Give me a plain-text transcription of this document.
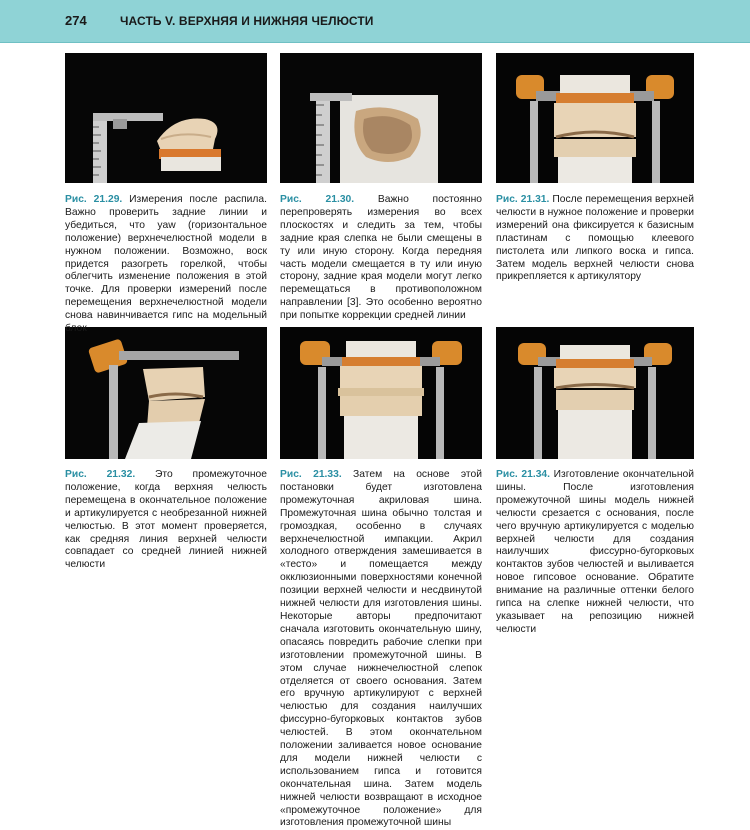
274	ЧАСТЬ V. ВЕРХНЯЯ И НИЖНЯЯ ЧЕЛЮСТИ
Рис. 21.29. Измерения после распила. Важно проверить задние линии и убедиться, что yaw (горизонтальное положение) верхнечелюстной модели в нужном положении. Возможно, воск придется разогреть горелкой, чтобы облегчить изменение положения в этой точке. Для проверки измерений после перемещения верхнечелюстной модели снова навинчивается гипс на модельный блок
Рис. 21.30. Важно постоянно перепроверять измерения во всех плоскостях и следить за тем, чтобы задние края слепка не были смещены в ту или иную сторону. Когда передняя часть модели смещается в ту или иную сторону, задние края модели могут легко перемещаться в противоположном направлении [3]. Это особенно вероятно при попытке коррекции средней линии
Рис. 21.31. После перемещения верхней челюсти в нужное положение и проверки измерений она фиксируется к базисным пластинам с помощью клеевого пистолета или липкого воска и гипса. Затем модель верхней челюсти снова прикрепляется к артикулятору
Рис. 21.32. Это промежуточное положение, когда верхняя челюсть перемещена в окончательное положение и артикулируется с необрезанной нижней челюстью. В этот момент проверяется, как средняя линия верхней челюсти совпадает со средней линией нижней челюсти
Рис. 21.33. Затем на основе этой постановки будет изготовлена промежуточная акриловая шина. Промежуточная шина обычно толстая и громоздкая, особенно в случаях верхнечелюстной импакции. Акрил холодного отверждения замешивается в «тесто» и помещается между окклюзионными поверхностями конечной позиции верхней челюсти и несдвинутой нижней челюсти для изготовления шины. Некоторые авторы предпочитают сначала изготовить окончательную шину, опасаясь повредить рабочие слепки при изготовлении промежуточной шины. В этом случае нижнечелюстной слепок отделяется от своего основания. Затем его вручную артикулируют с верхней челюстью для создания наилучших фиссурно-бугорковых контактов зубов челюстей. В этом окончательном положении заливается новое основание для модели нижней челюсти с использованием гипса и готовится окончательная шина. Затем модель нижней челюсти возвращают в исходное «промежуточное положение» для изготовления промежуточной шины
Рис. 21.34. Изготовление окончательной шины. После изготовления промежуточной шины модель нижней челюсти срезается с основания, после чего вручную артикулируется с моделью верхней челюсти для создания наилучших фиссурно-бугорковых контактов зубов челюстей и выливается новое гипсовое основание. Обратите внимание на различные оттенки белого гипса на слепке нижней челюсти, что указывает на репозицию нижней челюсти
